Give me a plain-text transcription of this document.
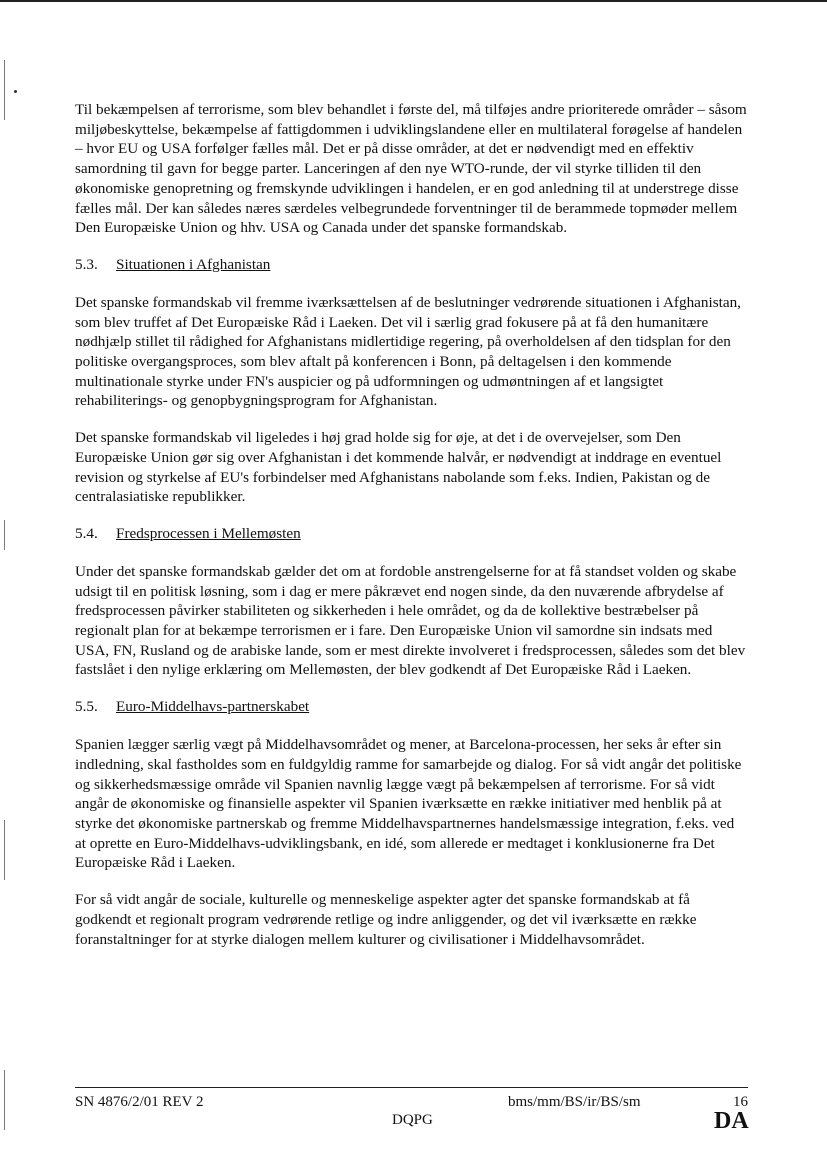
Til bekæmpelsen af terrorisme, som blev behandlet i første del, må tilføjes andre prioriterede områder – såsom miljøbeskyttelse, bekæmpelse af fattigdommen i udviklingslandene eller en multilateral forøgelse af handelen – hvor EU og USA forfølger fælles mål. Det er på disse områder, at det er nødvendigt med en effektiv samordning til gavn for begge parter. Lanceringen af den nye WTO-runde, der vil styrke tilliden til den økonomiske genopretning og fremskynde udviklingen i handelen, er en god anledning til at understrege disse fælles mål. Der kan således næres særdeles velbegrundede forventninger til de berammede topmøder mellem Den Europæiske Union og hhv. USA og Canada under det spanske formandskab.

5.3. Situationen i Afghanistan

Det spanske formandskab vil fremme iværksættelsen af de beslutninger vedrørende situationen i Afghanistan, som blev truffet af Det Europæiske Råd i Laeken. Det vil i særlig grad fokusere på at få den humanitære nødhjælp stillet til rådighed for Afghanistans midlertidige regering, på overholdelsen af den tidsplan for den politiske overgangsproces, som blev aftalt på konferencen i Bonn, på deltagelsen i den kommende multinationale styrke under FN's auspicier og på udformningen og udmøntningen af et langsigtet rehabiliterings- og genopbygningsprogram for Afghanistan.

Det spanske formandskab vil ligeledes i høj grad holde sig for øje, at det i de overvejelser, som Den Europæiske Union gør sig over Afghanistan i det kommende halvår, er nødvendigt at inddrage en eventuel revision og styrkelse af EU's forbindelser med Afghanistans nabolande som f.eks. Indien, Pakistan og de centralasiatiske republikker.

5.4. Fredsprocessen i Mellemøsten

Under det spanske formandskab gælder det om at fordoble anstrengelserne for at få standset volden og skabe udsigt til en politisk løsning, som i dag er mere påkrævet end nogen sinde, da den nuværende afbrydelse af fredsprocessen påvirker stabiliteten og sikkerheden i hele området, og da de kollektive bestræbelser på regionalt plan for at bekæmpe terrorismen er i fare. Den Europæiske Union vil samordne sin indsats med USA, FN, Rusland og de arabiske lande, som er mest direkte involveret i fredsprocessen, således som det blev fastslået i den nylige erklæring om Mellemøsten, der blev godkendt af Det Europæiske Råd i Laeken.

5.5. Euro-Middelhavs-partnerskabet

Spanien lægger særlig vægt på Middelhavsområdet og mener, at Barcelona-processen, her seks år efter sin indledning, skal fastholdes som en fuldgyldig ramme for samarbejde og dialog. For så vidt angår det politiske og sikkerhedsmæssige område vil Spanien navnlig lægge vægt på bekæmpelsen af terrorisme. For så vidt angår de økonomiske og finansielle aspekter vil Spanien iværksætte en række initiativer med henblik på at styrke det økonomiske partnerskab og fremme Middelhavspartnernes handelsmæssige integration, f.eks. ved at oprette en Euro-Middelhavs-udviklingsbank, en idé, som allerede er medtaget i konklusionerne fra Det Europæiske Råd i Laeken.

For så vidt angår de sociale, kulturelle og menneskelige aspekter agter det spanske formandskab at få godkendt et regionalt program vedrørende retlige og indre anliggender, og det vil iværksætte en række foranstaltninger for at styrke dialogen mellem kulturer og civilisationer i Middelhavsområdet.

SN 4876/2/01 REV 2	bms/mm/BS/ir/BS/sm	16
DQPG	DA
